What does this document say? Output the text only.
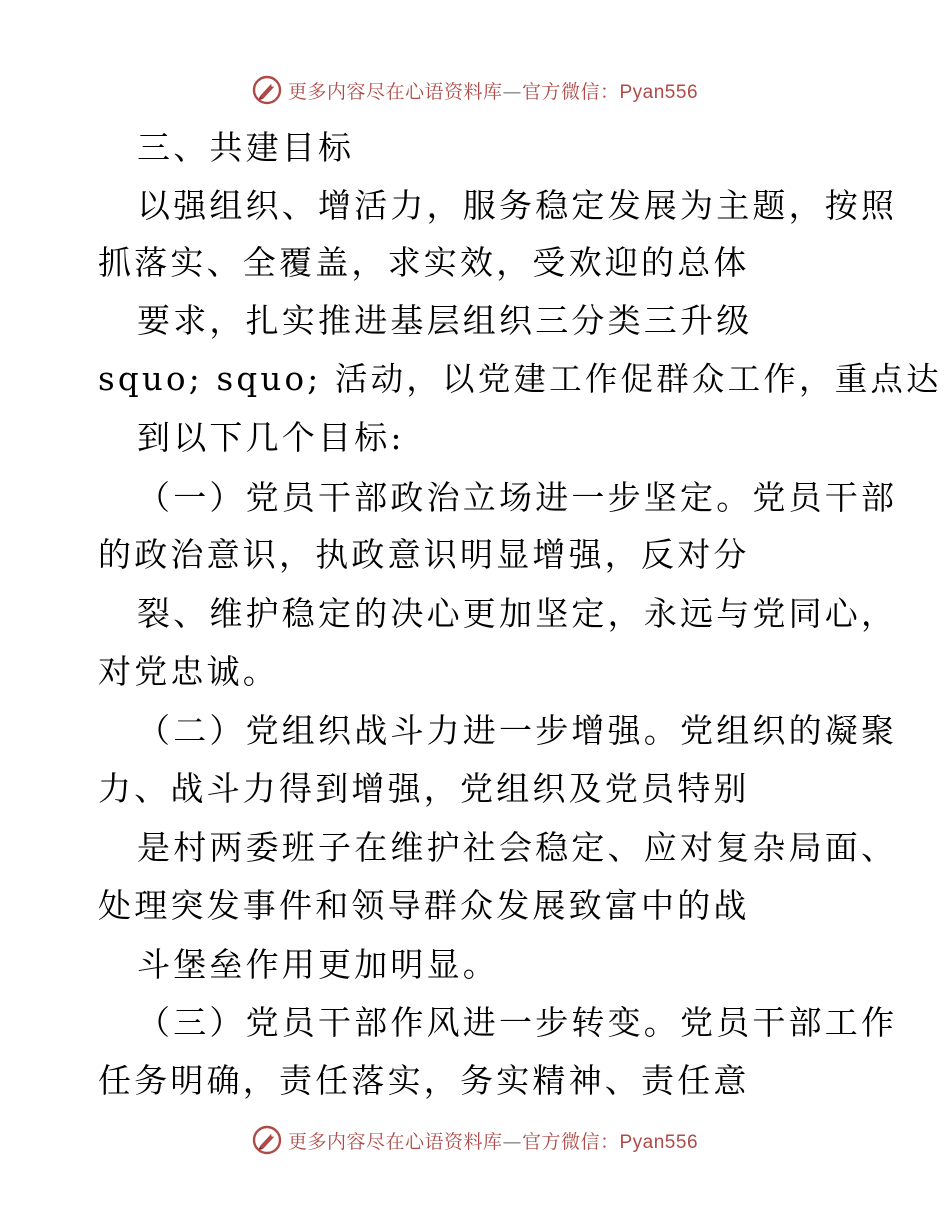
更多内容尽在心语资料库—官方微信：Pyan556
三、共建目标
以强组织、增活力，服务稳定发展为主题，按照
抓落实、全覆盖，求实效，受欢迎的总体
要求，扎实推进基层组织三分类三升级
squo; squo; 活动，以党建工作促群众工作，重点达
到以下几个目标:
（一）党员干部政治立场进一步坚定。党员干部
的政治意识，执政意识明显增强，反对分
裂、维护稳定的决心更加坚定，永远与党同心，
对党忠诚。
（二）党组织战斗力进一步增强。党组织的凝聚
力、战斗力得到增强，党组织及党员特别
是村两委班子在维护社会稳定、应对复杂局面、
处理突发事件和领导群众发展致富中的战
斗堡垒作用更加明显。
（三）党员干部作风进一步转变。党员干部工作
任务明确，责任落实，务实精神、责任意
更多内容尽在心语资料库—官方微信：Pyan556
